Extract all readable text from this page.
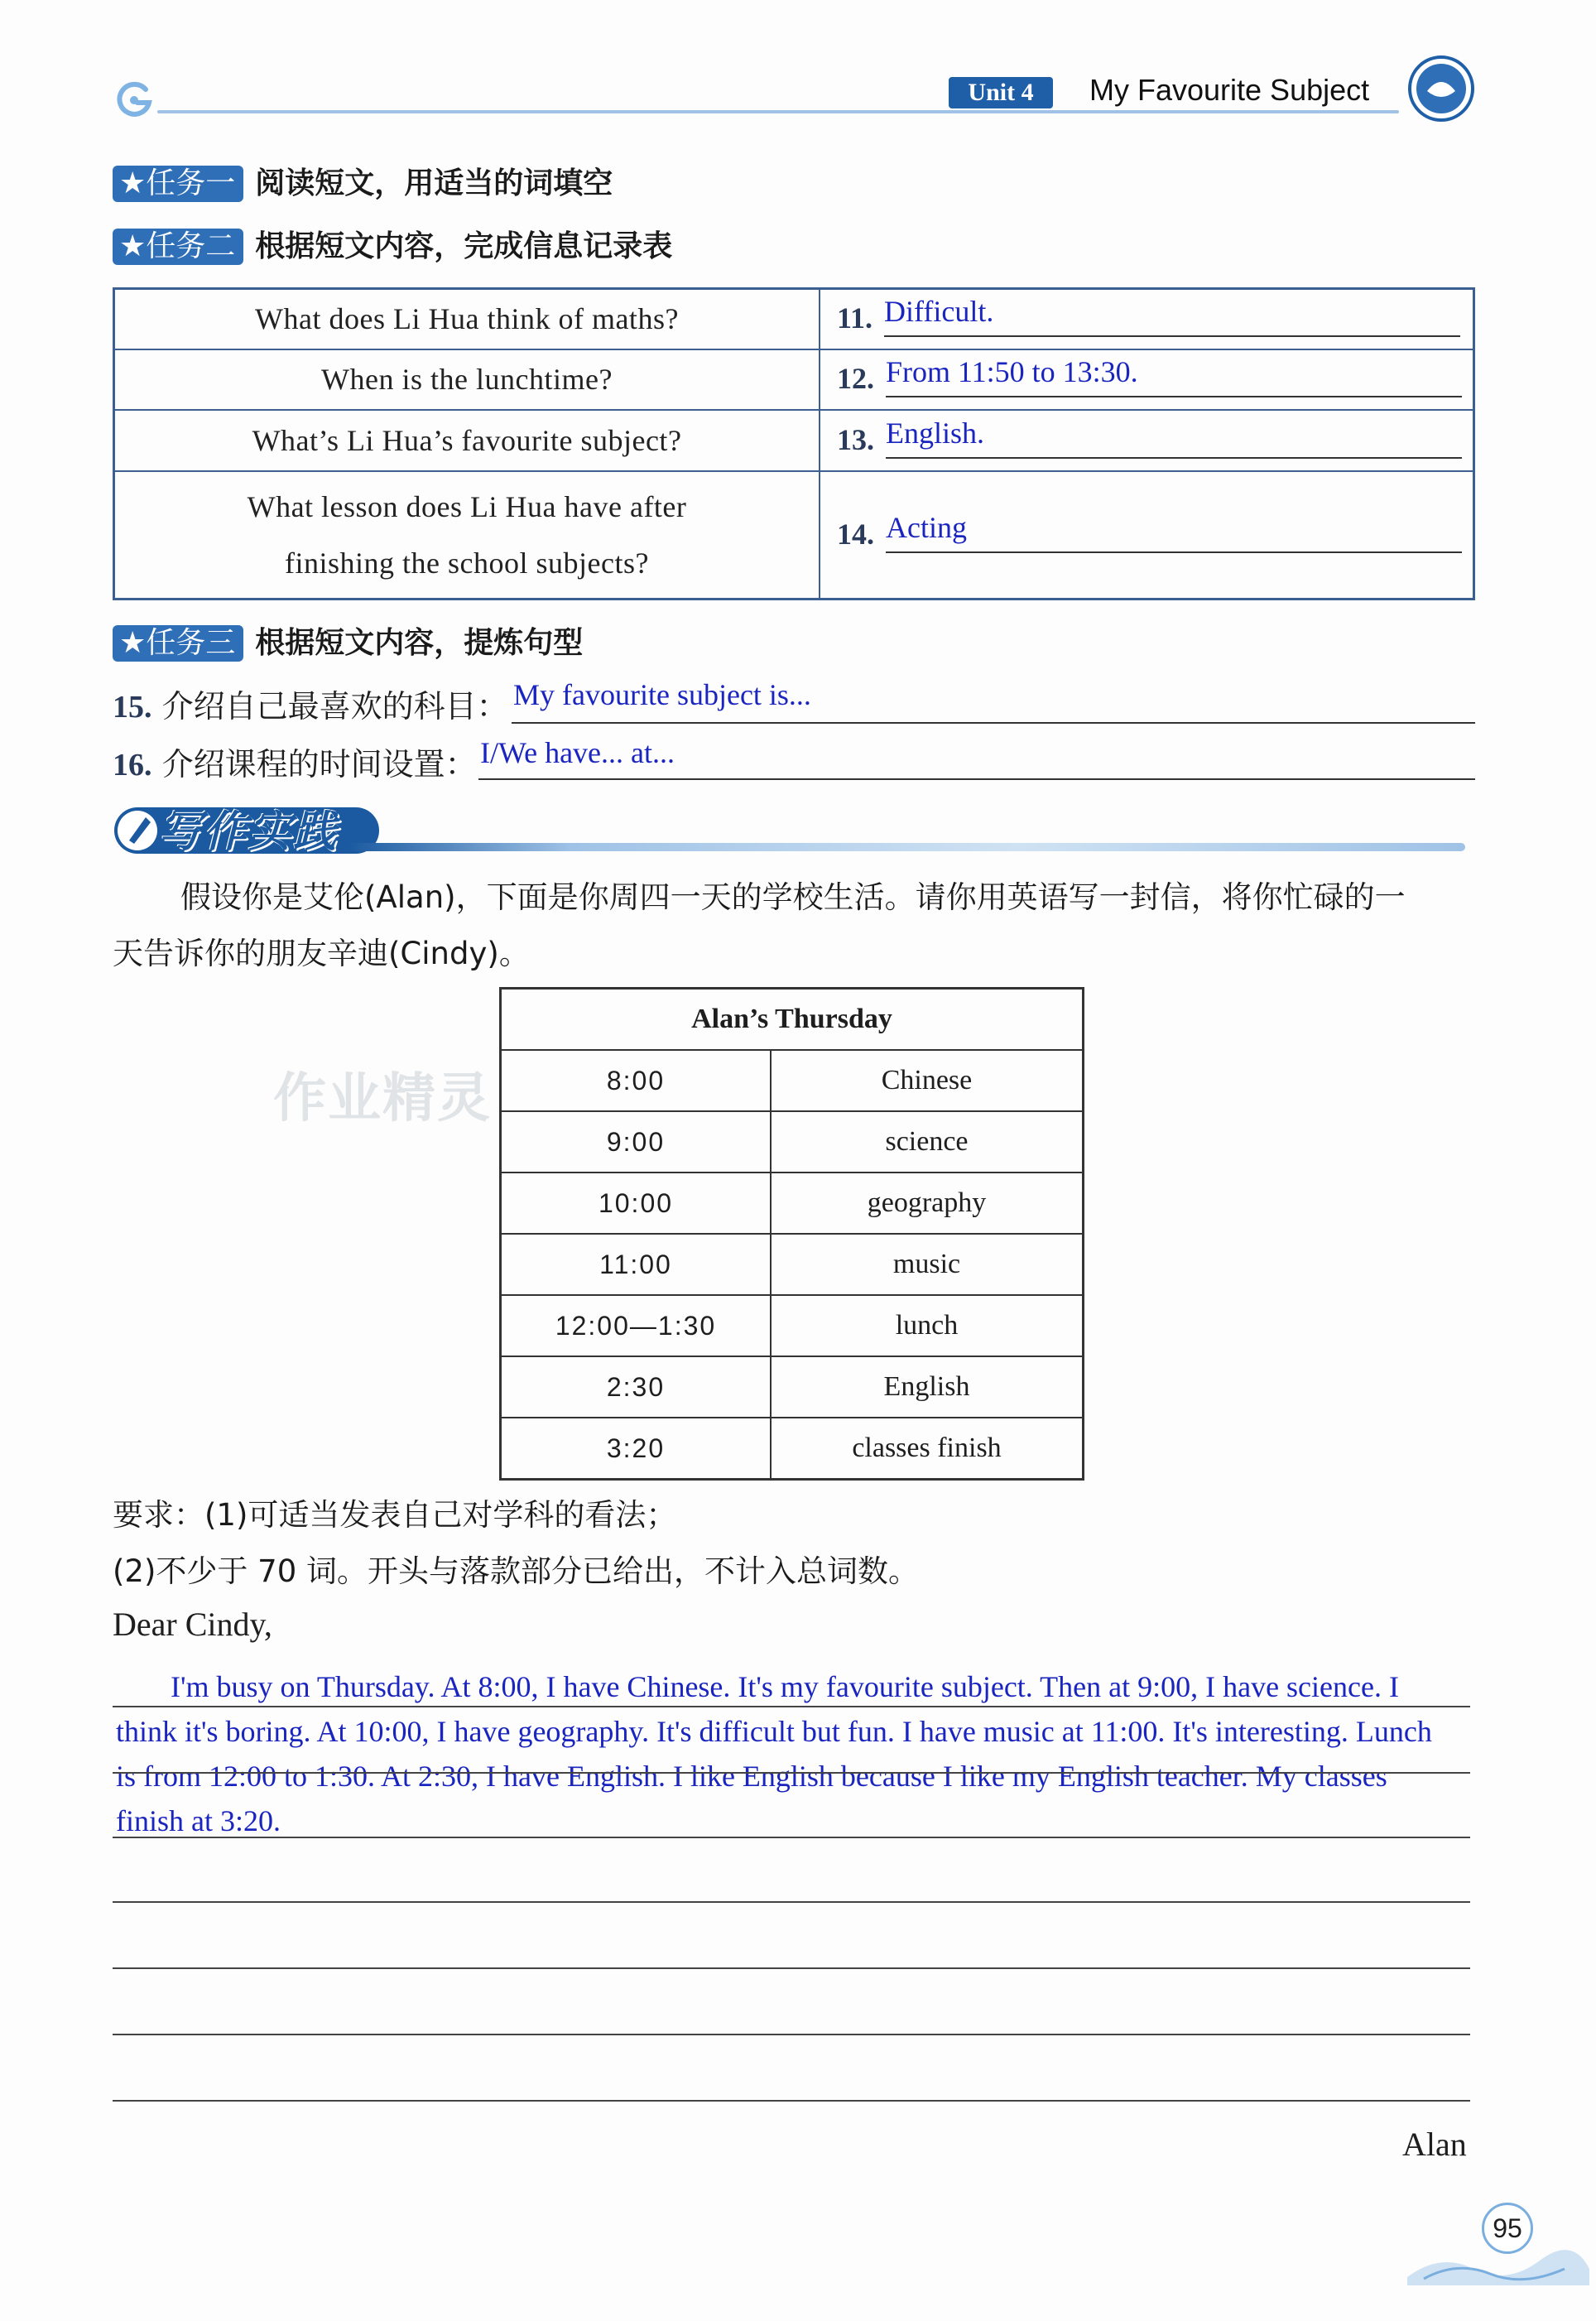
Unit 4	My Favourite Subject
★任务一 阅读短文，用适当的词填空
★任务二 根据短文内容，完成信息记录表
What does Li Hua think of maths?	11. Difficult.
When is the lunchtime?	12. From 11:50 to 13:30.
What’s Li Hua’s favourite subject?	13. English.

What lesson does Li Hua have after
finishing the school subjects?	14. Acting
★任务三 根据短文内容，提炼句型
15. 介绍自己最喜欢的科目： My favourite subject is...
16. 介绍课程的时间设置： I/We have... at...
写作实践
假设你是艾伦(Alan)，下面是你周四一天的学校生活。请你用英语写一封信，将你忙碌的一
天告诉你的朋友辛迪(Cindy)。
作业精灵
Alan’s Thursday	
8:00	Chinese
9:00	science
10:00	geography
11:00	music
12:00—1:30	lunch
2:30	English
3:20	classes finish
要求：(1)可适当发表自己对学科的看法；
(2)不少于 70 词。开头与落款部分已给出，不计入总词数。
Dear Cindy,
I'm busy on Thursday. At 8:00, I have Chinese. It's my favourite subject. Then at 9:00, I have science. I
think it's boring. At 10:00, I have geography. It's difficult but fun. I have music at 11:00. It's interesting. Lunch
is from 12:00 to 1:30. At 2:30, I have English. I like English because I like my English teacher. My classes
finish at 3:20.
Alan
95
